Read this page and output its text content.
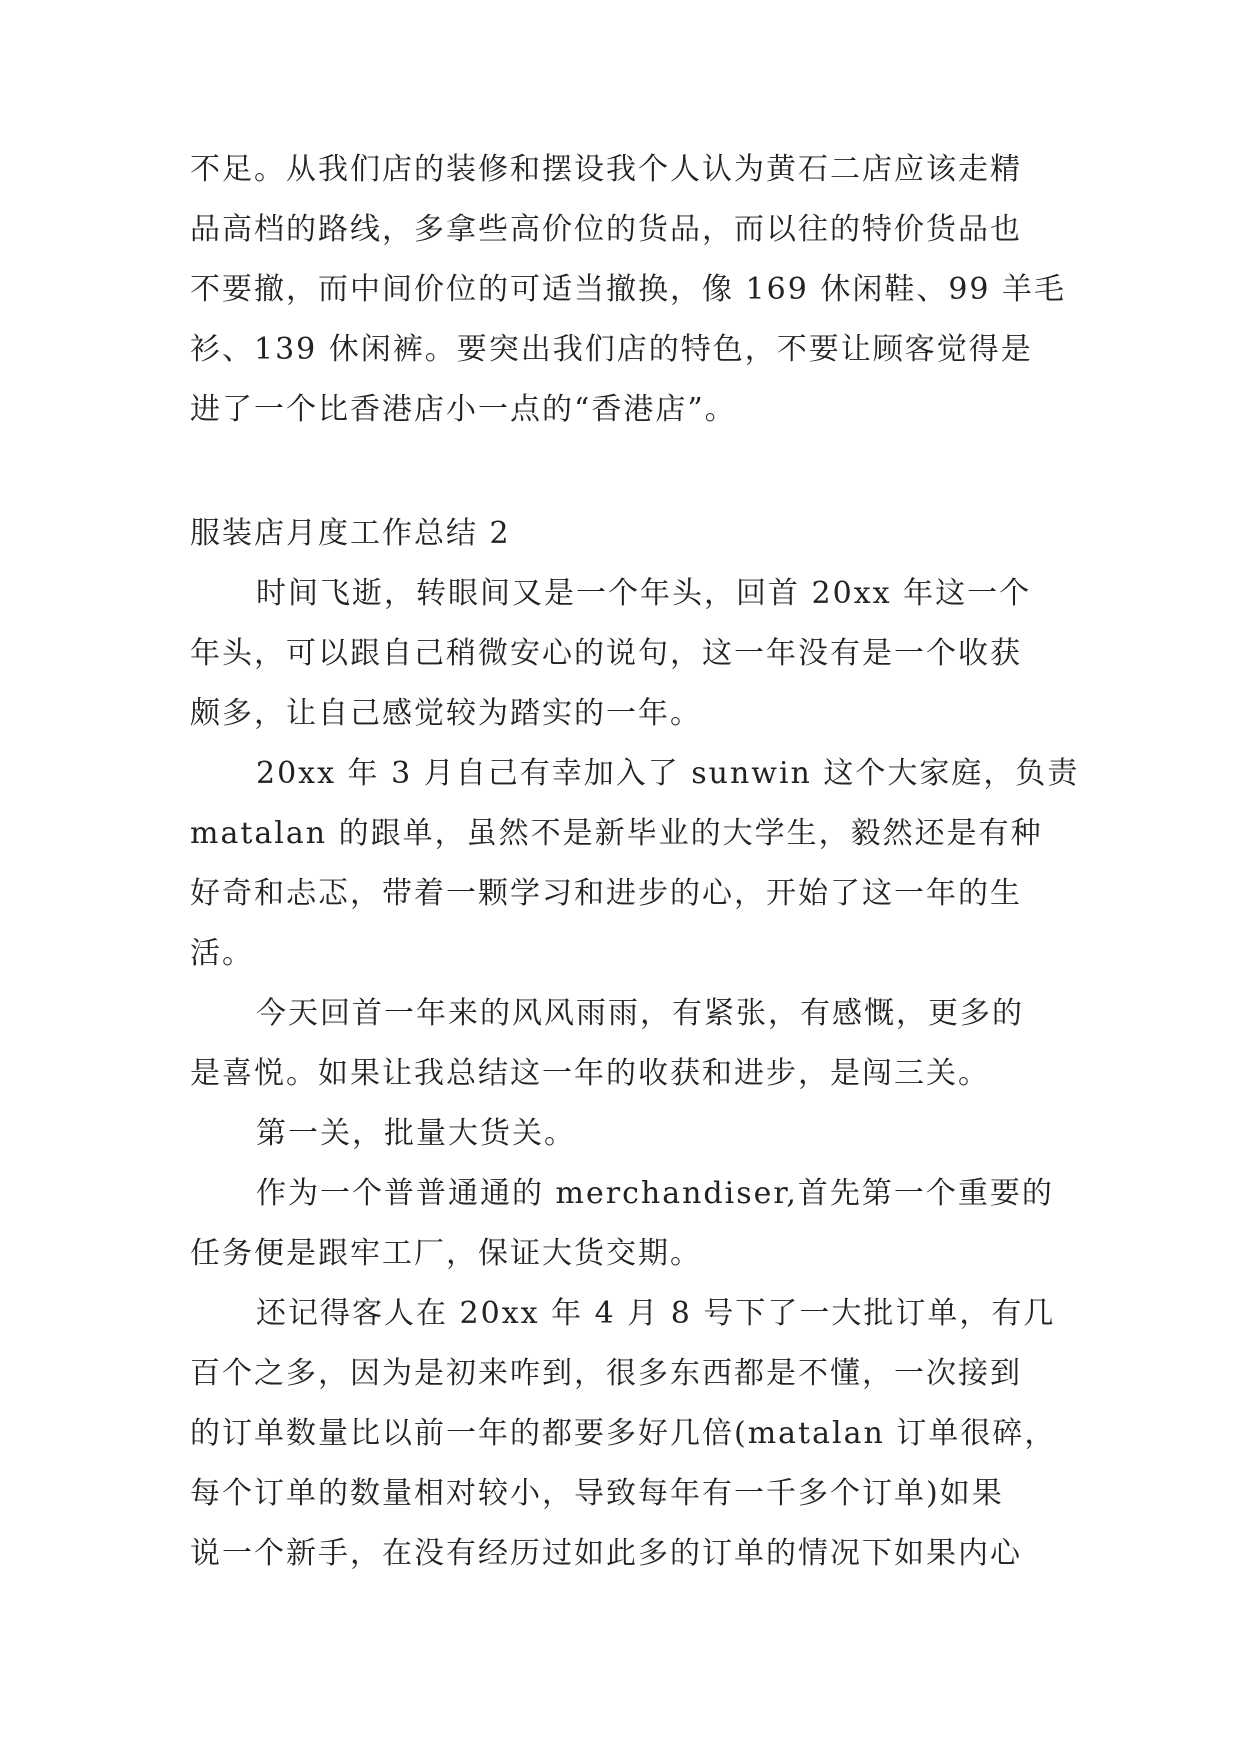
不足。从我们店的装修和摆设我个人认为黄石二店应该走精
品高档的路线，多拿些高价位的货品，而以往的特价货品也
不要撤，而中间价位的可适当撤换，像 169 休闲鞋、99 羊毛
衫、139 休闲裤。要突出我们店的特色，不要让顾客觉得是
进了一个比香港店小一点的“香港店”。
服装店月度工作总结 2
时间飞逝，转眼间又是一个年头，回首 20xx 年这一个
年头，可以跟自己稍微安心的说句，这一年没有是一个收获
颇多，让自己感觉较为踏实的一年。
20xx 年 3 月自己有幸加入了 sunwin 这个大家庭，负责
matalan 的跟单，虽然不是新毕业的大学生，毅然还是有种
好奇和忐忑，带着一颗学习和进步的心，开始了这一年的生
活。
今天回首一年来的风风雨雨，有紧张，有感慨，更多的
是喜悦。如果让我总结这一年的收获和进步，是闯三关。
第一关，批量大货关。
作为一个普普通通的 merchandiser,首先第一个重要的
任务便是跟牢工厂，保证大货交期。
还记得客人在 20xx 年 4 月 8 号下了一大批订单，有几
百个之多，因为是初来咋到，很多东西都是不懂，一次接到
的订单数量比以前一年的都要多好几倍(matalan 订单很碎，
每个订单的数量相对较小，导致每年有一千多个订单)如果
说一个新手，在没有经历过如此多的订单的情况下如果内心
